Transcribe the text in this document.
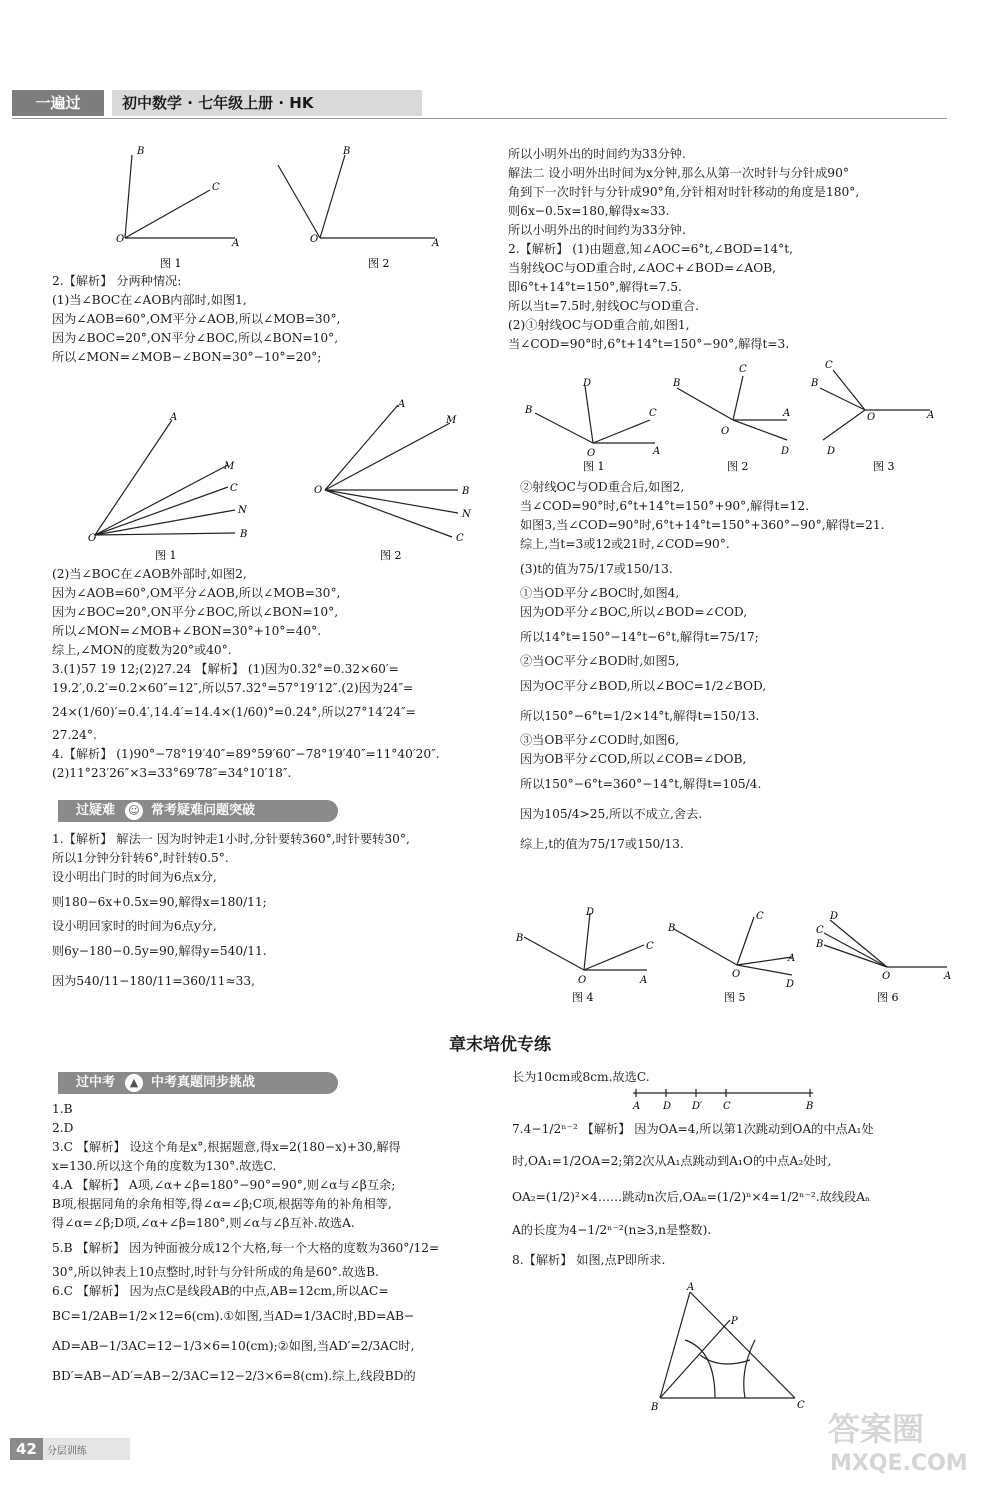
一遍过	初中数学 · 七年级上册 · HK
B
C
O	A
B
O	A
图 1	图 2

2.【解析】 分两种情况:

(1)当∠BOC在∠AOB内部时,如图1,

因为∠AOB=60°,OM平分∠AOB,所以∠MOB=30°,

因为∠BOC=20°,ON平分∠BOC,所以∠BON=10°,

所以∠MON=∠MOB−∠BON=30°−10°=20°;

A
M
C
N
B
O
A
M
O	B
N
C
图 1	图 2

(2)当∠BOC在∠AOB外部时,如图2,

因为∠AOB=60°,OM平分∠AOB,所以∠MOB=30°,

因为∠BOC=20°,ON平分∠BOC,所以∠BON=10°,

所以∠MON=∠MOB+∠BON=30°+10°=40°.

综上,∠MON的度数为20°或40°.

3.(1)57 19 12;(2)27.24 【解析】 (1)因为0.32°=0.32×60′=

19.2′,0.2′=0.2×60″=12″,所以57.32°=57°19′12″.(2)因为24″=

24×(1/60)′=0.4′,14.4′=14.4×(1/60)°=0.24°,所以27°14′24″=

27.24°.

4.【解析】 (1)90°−78°19′40″=89°59′60″−78°19′40″=11°40′20″.

(2)11°23′26″×3=33°69′78″=34°10′18″.

过疑难 ☺ 常考疑难问题突破

1.【解析】 解法一 因为时钟走1小时,分针要转360°,时针要转30°,

所以1分钟分针转6°,时针转0.5°.

设小明出门时的时间为6点x分,

则180−6x+0.5x=90,解得x=180/11;

设小明回家时的时间为6点y分,

则6y−180−0.5y=90,解得y=540/11.

因为540/11−180/11=360/11≈33,

所以小明外出的时间约为33分钟.

解法二 设小明外出时间为x分钟,那么从第一次时针与分针成90°

角到下一次时针与分针成90°角,分针相对时针移动的角度是180°,

则6x−0.5x=180,解得x≈33.

所以小明外出的时间约为33分钟.

2.【解析】 (1)由题意,知∠AOC=6°t,∠BOD=14°t,

当射线OC与OD重合时,∠AOC+∠BOD=∠AOB,

即6°t+14°t=150°,解得t=7.5.

所以当t=7.5时,射线OC与OD重合.

(2)①射线OC与OD重合前,如图1,

当∠COD=90°时,6°t+14°t=150°−90°,解得t=3.

B
D
C
A
O
B
C
A
D
O
B
C
A
D
O
图 1	图 2	图 3

②射线OC与OD重合后,如图2,

当∠COD=90°时,6°t+14°t=150°+90°,解得t=12.

如图3,当∠COD=90°时,6°t+14°t=150°+360°−90°,解得t=21.

综上,当t=3或12或21时,∠COD=90°.

(3)t的值为75/17或150/13.

①当OD平分∠BOC时,如图4,

因为OD平分∠BOC,所以∠BOD=∠COD,

所以14°t=150°−14°t−6°t,解得t=75/17;

②当OC平分∠BOD时,如图5,

因为OC平分∠BOD,所以∠BOC=1/2∠BOD,

所以150°−6°t=1/2×14°t,解得t=150/13.

③当OB平分∠COD时,如图6,

因为OB平分∠COD,所以∠COB=∠DOB,

所以150°−6°t=360°−14°t,解得t=105/4.

因为105/4>25,所以不成立,舍去.

综上,t的值为75/17或150/13.

B
D
C
A
O
B
C
A
D
O
D
C
B
A
O
图 4	图 5	图 6
章末培优专练
过中考 ▲ 中考真题同步挑战

1.B

2.D

3.C 【解析】 设这个角是x°,根据题意,得x=2(180−x)+30,解得

x=130.所以这个角的度数为130°.故选C.

4.A 【解析】 A项,∠α+∠β=180°−90°=90°,则∠α与∠β互余;

B项,根据同角的余角相等,得∠α=∠β;C项,根据等角的补角相等,

得∠α=∠β;D项,∠α+∠β=180°,则∠α与∠β互补.故选A.

5.B 【解析】 因为钟面被分成12个大格,每一个大格的度数为360°/12=

30°,所以钟表上10点整时,时针与分针所成的角是60°.故选B.

6.C 【解析】 因为点C是线段AB的中点,AB=12cm,所以AC=

BC=1/2AB=1/2×12=6(cm).①如图,当AD=1/3AC时,BD=AB−

AD=AB−1/3AC=12−1/3×6=10(cm);②如图,当AD′=2/3AC时,

BD′=AB−AD′=AB−2/3AC=12−2/3×6=8(cm).综上,线段BD的

长为10cm或8cm.故选C.

A D D′ C	B

7.4−1/2ⁿ⁻² 【解析】 因为OA=4,所以第1次跳动到OA的中点A₁处

时,OA₁=1/2OA=2;第2次从A₁点跳动到A₁O的中点A₂处时,

OA₂=(1/2)²×4……跳动n次后,OAₙ=(1/2)ⁿ×4=1/2ⁿ⁻².故线段Aₙ

A的长度为4−1/2ⁿ⁻²(n≥3,n是整数).

8.【解析】 如图,点P即所求.

A
P
B	C
42 分层训练
答案圈
MXQE.COM
